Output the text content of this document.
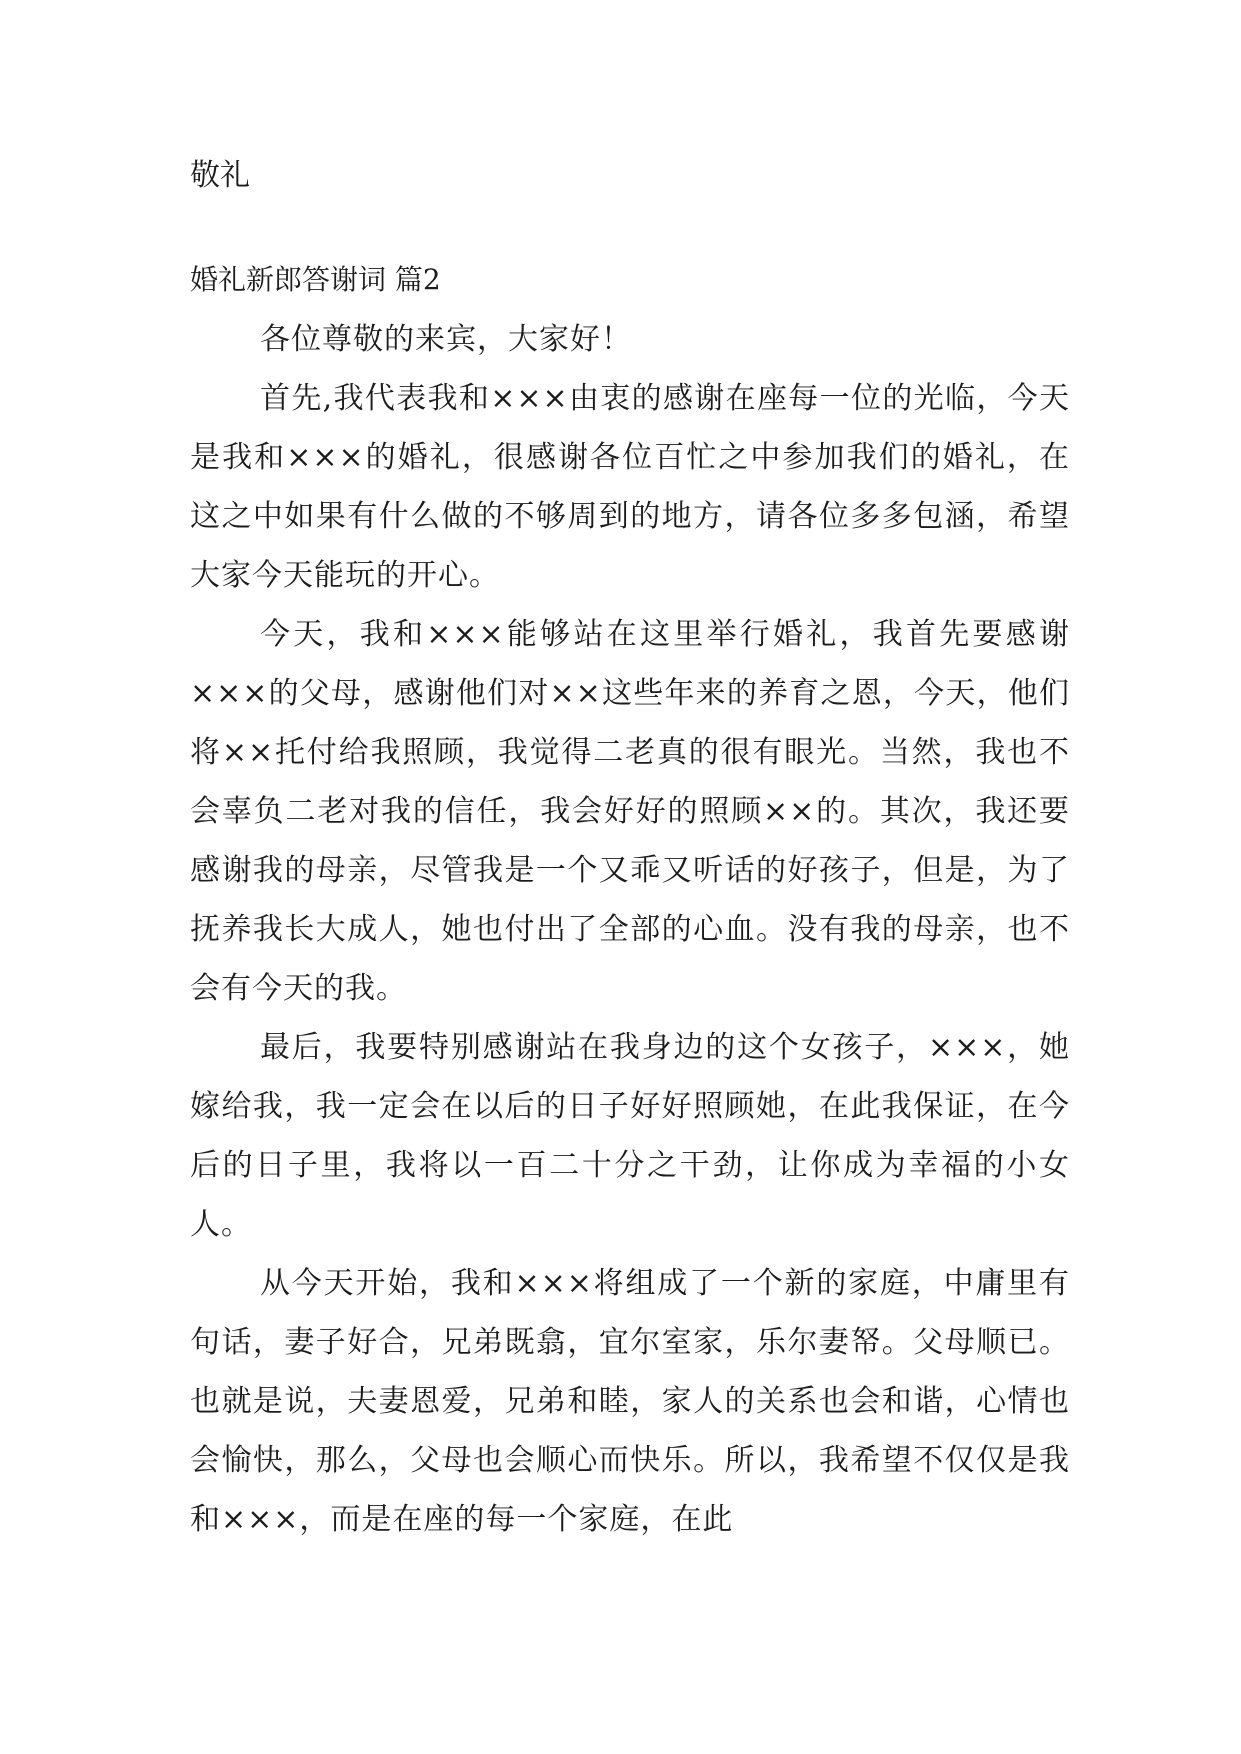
敬礼

婚礼新郎答谢词 篇2

各位尊敬的来宾，大家好！

首先,我代表我和×××由衷的感谢在座每一位的光临，今天是我和×××的婚礼，很感谢各位百忙之中参加我们的婚礼，在这之中如果有什么做的不够周到的地方，请各位多多包涵，希望大家今天能玩的开心。

今天，我和×××能够站在这里举行婚礼，我首先要感谢×××的父母，感谢他们对××这些年来的养育之恩，今天，他们将××托付给我照顾，我觉得二老真的很有眼光。当然，我也不会辜负二老对我的信任，我会好好的照顾××的。其次，我还要感谢我的母亲，尽管我是一个又乖又听话的好孩子，但是，为了抚养我长大成人，她也付出了全部的心血。没有我的母亲，也不会有今天的我。

最后，我要特别感谢站在我身边的这个女孩子，×××，她嫁给我，我一定会在以后的日子好好照顾她，在此我保证，在今后的日子里，我将以一百二十分之干劲，让你成为幸福的小女人。

从今天开始，我和×××将组成了一个新的家庭，中庸里有句话，妻子好合，兄弟既翕，宜尔室家，乐尔妻帑。父母顺已。也就是说，夫妻恩爱，兄弟和睦，家人的关系也会和谐，心情也会愉快，那么，父母也会顺心而快乐。所以，我希望不仅仅是我和×××，而是在座的每一个家庭，在此
